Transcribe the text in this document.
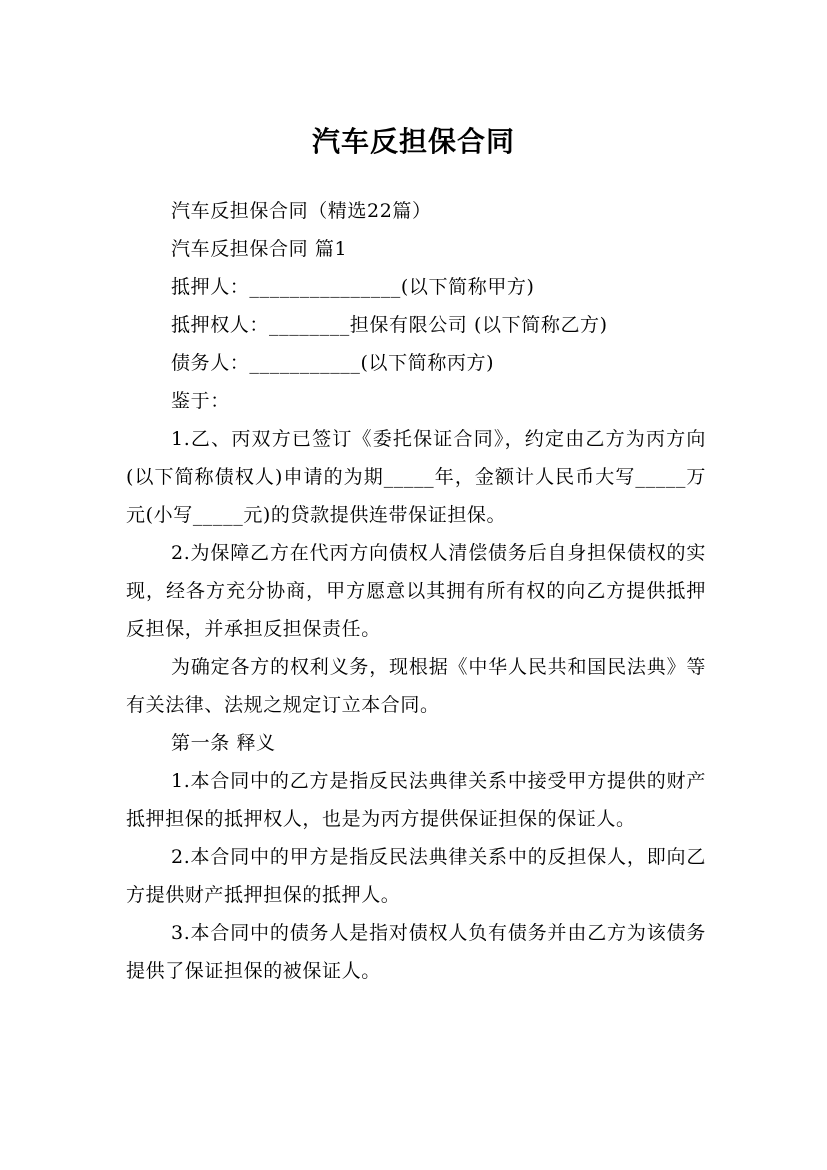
汽车反担保合同

汽车反担保合同（精选22篇）

汽车反担保合同 篇1

抵押人：_______________(以下简称甲方)

抵押权人：________担保有限公司 (以下简称乙方)

债务人：___________(以下简称丙方)

鉴于：

1.乙、丙双方已签订《委托保证合同》，约定由乙方为丙方向 (以下简称债权人)申请的为期_____年，金额计人民币大写_____万元(小写_____元)的贷款提供连带保证担保。

2.为保障乙方在代丙方向债权人清偿债务后自身担保债权的实现，经各方充分协商，甲方愿意以其拥有所有权的向乙方提供抵押反担保，并承担反担保责任。

为确定各方的权利义务，现根据《中华人民共和国民法典》等有关法律、法规之规定订立本合同。

第一条 释义

1.本合同中的乙方是指反民法典律关系中接受甲方提供的财产抵押担保的抵押权人，也是为丙方提供保证担保的保证人。

2.本合同中的甲方是指反民法典律关系中的反担保人，即向乙方提供财产抵押担保的抵押人。

3.本合同中的债务人是指对债权人负有债务并由乙方为该债务提供了保证担保的被保证人。
